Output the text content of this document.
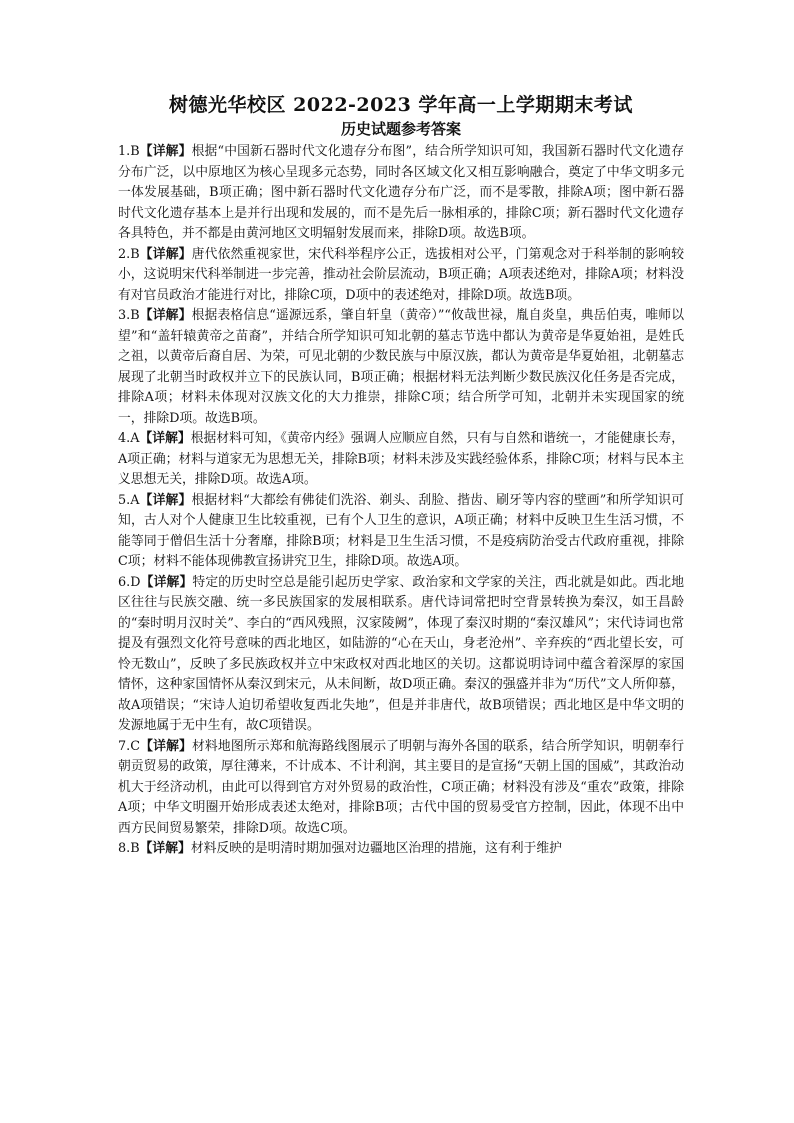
树德光华校区 2022-2023 学年高一上学期期末考试
历史试题参考答案

1.B【详解】根据“中国新石器时代文化遗存分布图”，结合所学知识可知，我国新石器时代文化遗存分布广泛，以中原地区为核心呈现多元态势，同时各区域文化又相互影响融合，奠定了中华文明多元一体发展基础，B项正确；图中新石器时代文化遗存分布广泛，而不是零散，排除A项；图中新石器时代文化遗存基本上是并行出现和发展的，而不是先后一脉相承的，排除C项；新石器时代文化遗存各具特色，并不都是由黄河地区文明辐射发展而来，排除D项。故选B项。

2.B【详解】唐代依然重视家世，宋代科举程序公正，选拔相对公平，门第观念对于科举制的影响较小，这说明宋代科举制进一步完善，推动社会阶层流动，B项正确；A项表述绝对，排除A项；材料没有对官员政治才能进行对比，排除C项，D项中的表述绝对，排除D项。故选B项。

3.B【详解】根据表格信息“遥源远系，肇自轩皇（黄帝）”“攸哉世禄，胤自炎皇，典岳伯夷，唯师以望”和“盖轩辕黄帝之苗裔”，并结合所学知识可知北朝的墓志节选中都认为黄帝是华夏始祖，是姓氏之祖，以黄帝后裔自居、为荣，可见北朝的少数民族与中原汉族，都认为黄帝是华夏始祖，北朝墓志展现了北朝当时政权并立下的民族认同，B项正确；根据材料无法判断少数民族汉化任务是否完成，排除A项；材料未体现对汉族文化的大力推崇，排除C项；结合所学可知，北朝并未实现国家的统一，排除D项。故选B项。

4.A【详解】根据材料可知，《黄帝内经》强调人应顺应自然，只有与自然和谐统一，才能健康长寿，A项正确；材料与道家无为思想无关，排除B项；材料未涉及实践经验体系，排除C项；材料与民本主义思想无关，排除D项。故选A项。

5.A【详解】根据材料“大都绘有佛徒们洗浴、剃头、刮脸、揩齿、刷牙等内容的壁画”和所学知识可知，古人对个人健康卫生比较重视，已有个人卫生的意识，A项正确；材料中反映卫生生活习惯，不能等同于僧侣生活十分奢靡，排除B项；材料是卫生生活习惯，不是疫病防治受古代政府重视，排除C项；材料不能体现佛教宣扬讲究卫生，排除D项。故选A项。

6.D【详解】特定的历史时空总是能引起历史学家、政治家和文学家的关注，西北就是如此。西北地区往往与民族交融、统一多民族国家的发展相联系。唐代诗词常把时空背景转换为秦汉，如王昌龄的“秦时明月汉时关”、李白的“西风残照，汉家陵阙”，体现了秦汉时期的“秦汉雄风”；宋代诗词也常提及有强烈文化符号意味的西北地区，如陆游的“心在天山，身老沧州”、辛弃疾的“西北望长安，可怜无数山”，反映了多民族政权并立中宋政权对西北地区的关切。这都说明诗词中蕴含着深厚的家国情怀，这种家国情怀从秦汉到宋元，从未间断，故D项正确。秦汉的强盛并非为“历代”文人所仰慕，故A项错误；“宋诗人迫切希望收复西北失地”，但是并非唐代，故B项错误；西北地区是中华文明的发源地属于无中生有，故C项错误。

7.C【详解】材料地图所示郑和航海路线图展示了明朝与海外各国的联系，结合所学知识，明朝奉行朝贡贸易的政策，厚往薄来，不计成本、不计利润，其主要目的是宣扬“天朝上国的国威”，其政治动机大于经济动机，由此可以得到官方对外贸易的政治性，C项正确；材料没有涉及“重农”政策，排除A项；中华文明圈开始形成表述太绝对，排除B项；古代中国的贸易受官方控制，因此，体现不出中西方民间贸易繁荣，排除D项。故选C项。

8.B【详解】材料反映的是明清时期加强对边疆地区治理的措施，这有利于维护
